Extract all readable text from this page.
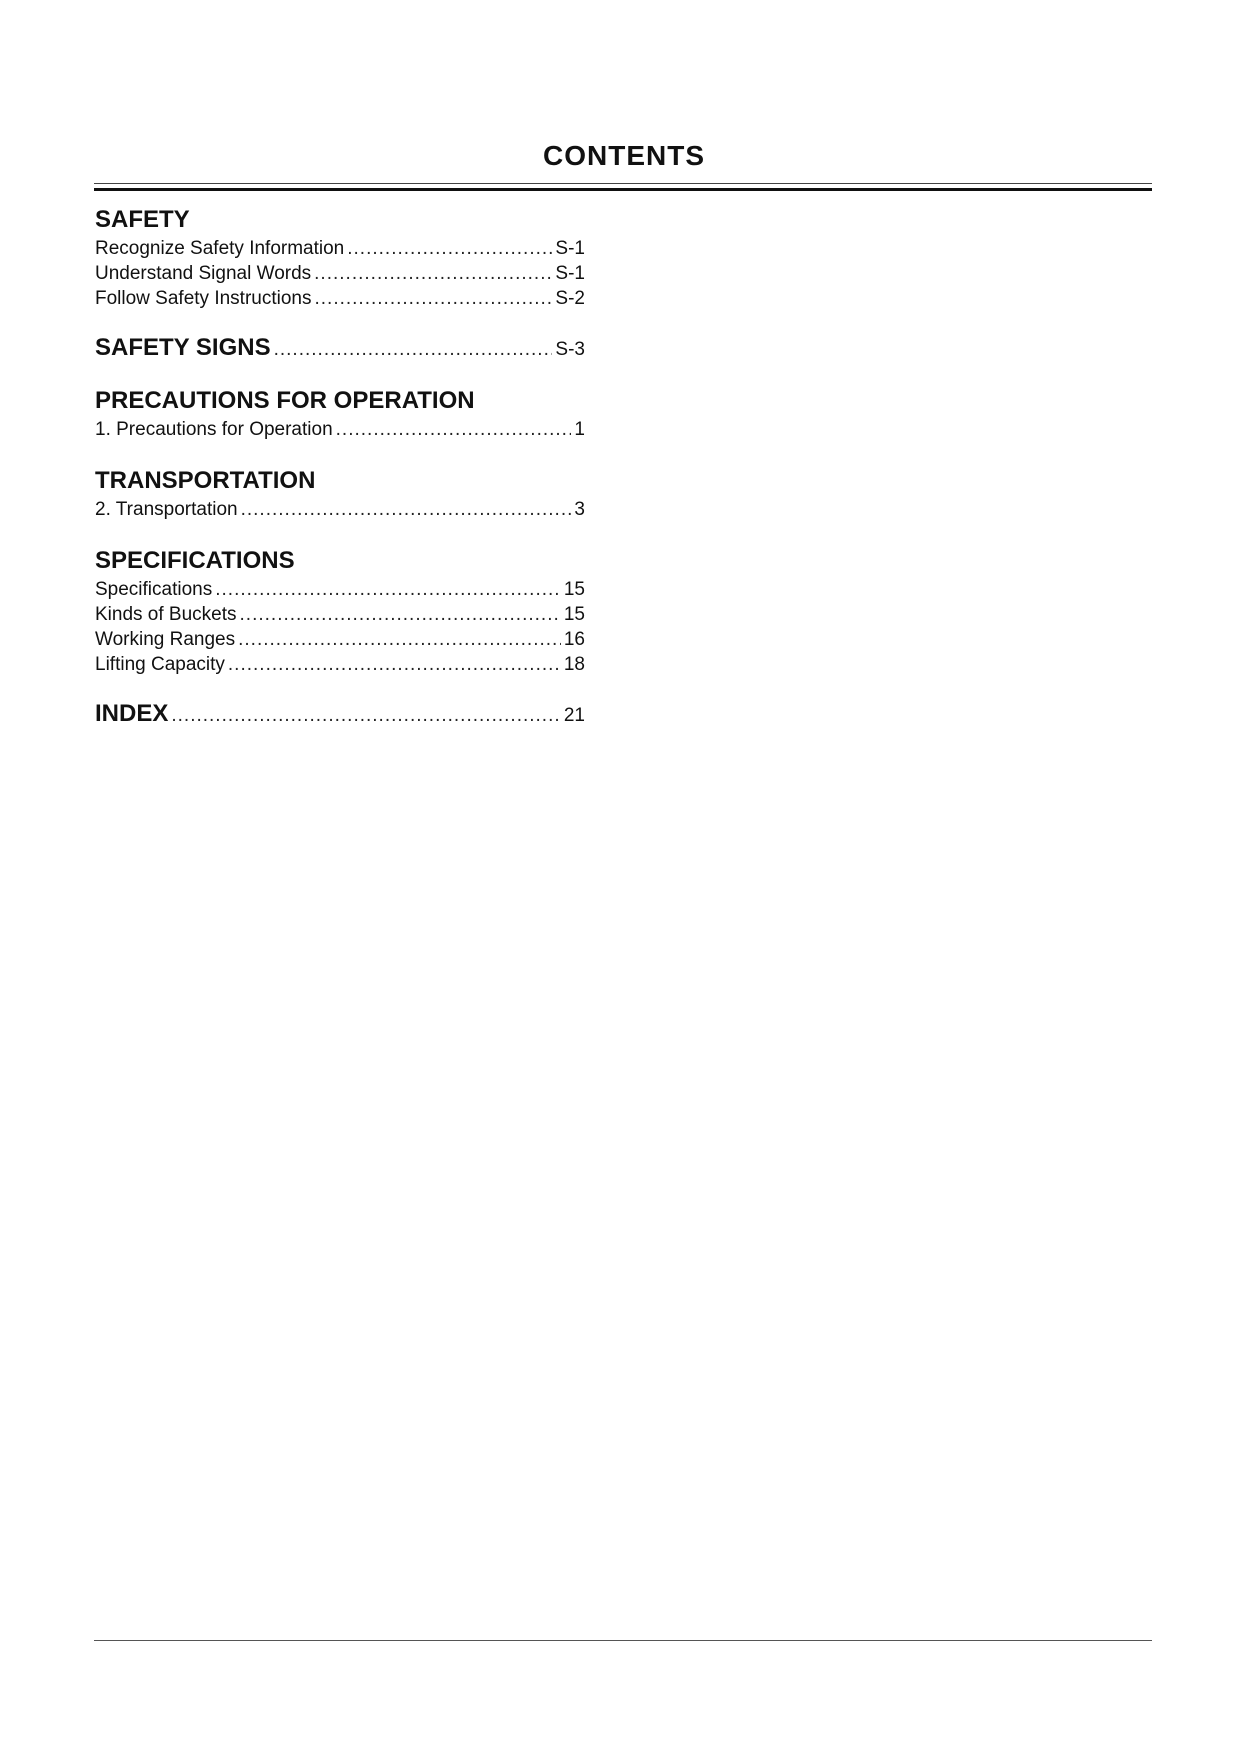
CONTENTS
SAFETY
Recognize Safety Information .....	S-1
Understand Signal Words .....	S-1
Follow Safety Instructions .....	S-2
SAFETY SIGNS .....	S-3
PRECAUTIONS FOR OPERATION
1. Precautions for Operation .....	1
TRANSPORTATION
2. Transportation .....	3
SPECIFICATIONS
Specifications .....	15
Kinds of Buckets .....	15
Working Ranges .....	16
Lifting Capacity .....	18
INDEX .....	21
